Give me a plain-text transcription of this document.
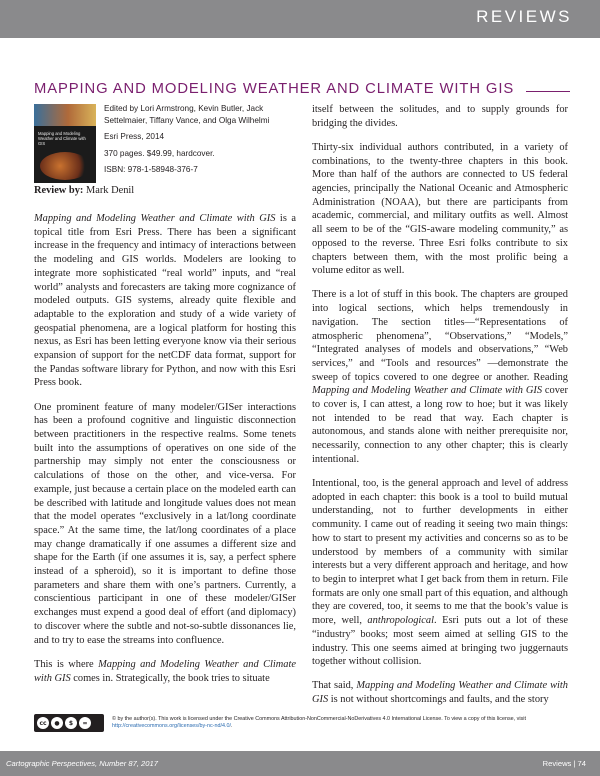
REVIEWS
MAPPING AND MODELING WEATHER AND CLIMATE WITH GIS
Mapping and Modeling Weather and Climate with GIS

Edited by Lori Armstrong, Kevin Butler, Jack Settelmaier, Tiffany Vance, and Olga Wilhelmi

Esri Press, 2014

370 pages. $49.99, hardcover.

ISBN: 978-1-58948-376-7

Review by: Mark Denil

Mapping and Modeling Weather and Climate with GIS is a topical title from Esri Press. There has been a significant increase in the frequency and intimacy of interactions between the modeling and GIS worlds. Modelers are looking to integrate more sophisticated “real world” inputs, and “real world” analysts and forecasters are taking more cognizance of modeled outputs. GIS systems, already quite flexible and adaptable to the exploration and study of a wide variety of geospatial phenomena, are a logical platform for hosting this nexus, as Esri has been letting everyone know via their serious expansion of support for the netCDF data format, support for the Pandas software library for Python, and now with this Esri Press book.

One prominent feature of many modeler/GISer interactions has been a profound cognitive and linguistic disconnection between practitioners in the respective realms. Some tenets built into the assumptions of operatives on one side of the partnership may simply not enter the consciousness or calculations of those on the other, and vice-versa. For example, just because a certain place on the modeled earth can be described with latitude and longitude values does not mean that the model operates “exclusively in a lat/long coordinate space.” At the same time, the lat/long coordinates of a place may change dramatically if one assumes a different size and shape for the Earth (if one assumes it is, say, a perfect sphere instead of a spheroid), so it is important to define those parameters and share them with one’s partners. Currently, a conscientious participant in one of these modeler/GISer exchanges must expend a good deal of effort (and diplomacy) to discover where the subtle and not-so-subtle dissonances lie, and to try to ease the streams into confluence.

This is where Mapping and Modeling Weather and Climate with GIS comes in. Strategically, the book tries to situate

itself between the solitudes, and to supply grounds for bridging the divides.

Thirty-six individual authors contributed, in a variety of combinations, to the twenty-three chapters in this book. More than half of the authors are connected to US federal agencies, principally the National Oceanic and Atmospheric Administration (NOAA), but there are participants from academic, commercial, and military outfits as well. Almost all seem to be of the “GIS-aware modeling community,” as opposed to the reverse. Three Esri folks contribute to six chapters between them, with the most prolific being a volume editor as well.

There is a lot of stuff in this book. The chapters are grouped into logical sections, which helps tremendously in navigation. The section titles—“Representations of atmospheric phenomena”, “Observations,” “Models,” “Integrated analyses of models and observations,” “Web services,” and “Tools and resources” —demonstrate the sweep of topics covered to one degree or another. Reading Mapping and Modeling Weather and Climate with GIS cover to cover is, I can attest, a long row to hoe; but it was likely not intended to be read that way. Each chapter is autonomous, and stands alone with neither prerequisite nor, necessarily, connection to any other chapter; this is clearly intentional.

Intentional, too, is the general approach and level of address adopted in each chapter: this book is a tool to build mutual understanding, not to further developments in either community. I came out of reading it seeing two main things: how to start to present my activities and concerns so as to be understood by members of a community with similar interests but a very different approach and heritage, and how to begin to interpret what I get back from them in return. File formats are only one small part of this equation, and although they are covered, too, it seems to me that the book’s value is more, well, anthropological. Esri puts out a lot of these “industry” books; most seem aimed at selling GIS to the industry. This one seems aimed at bringing two juggernauts together without collision.

That said, Mapping and Modeling Weather and Climate with GIS is not without shortcomings and faults, and the story

cc	●	$	=
© by the author(s). This work is licensed under the Creative Commons Attribution-NonCommercial-NoDerivatives 4.0 International License. To view a copy of this license, visit http://creativecommons.org/licenses/by-nc-nd/4.0/.
Cartographic Perspectives, Number 87, 2017	Reviews | 74
